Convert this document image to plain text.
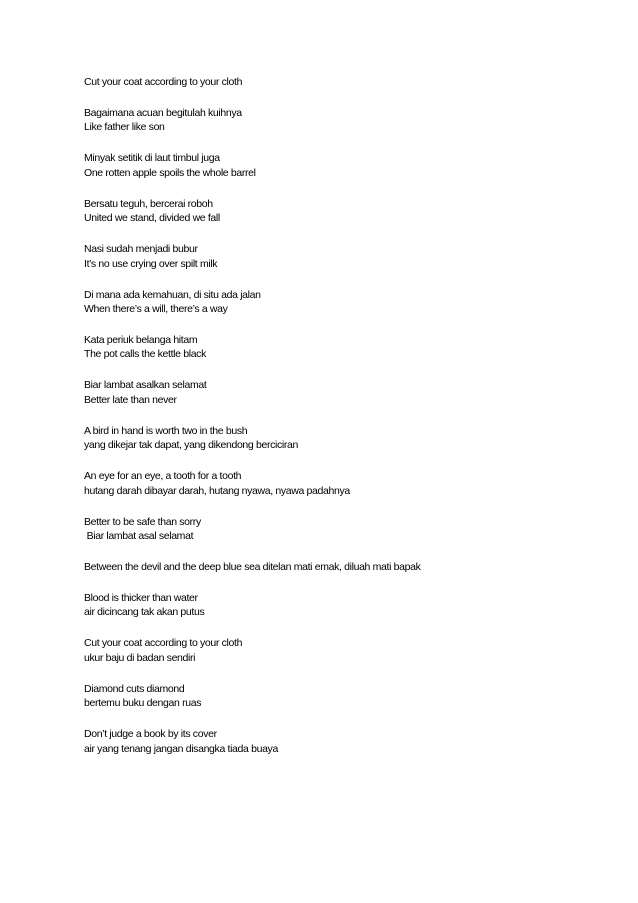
Cut your coat according to your cloth

Bagaimana acuan begitulah kuihnya

Like father like son

Minyak setitik di laut timbul juga

One rotten apple spoils the whole barrel

Bersatu teguh, bercerai roboh

United we stand, divided we fall

Nasi sudah menjadi bubur

It’s no use crying over spilt milk

Di mana ada kemahuan, di situ ada jalan

When there’s a will, there’s a way

Kata periuk belanga hitam

The pot calls the kettle black

Biar lambat asalkan selamat

Better late than never

A bird in hand is worth two in the bush

yang dikejar tak dapat, yang dikendong berciciran

An eye for an eye, a tooth for a tooth

hutang darah dibayar darah, hutang nyawa, nyawa padahnya

Better to be safe than sorry

Biar lambat asal selamat

Between the devil and the deep blue sea ditelan mati emak, diluah mati bapak

Blood is thicker than water

air dicincang tak akan putus

Cut your coat according to your cloth

ukur baju di badan sendiri

Diamond cuts diamond

bertemu buku dengan ruas

Don’t judge a book by its cover

air yang tenang jangan disangka tiada buaya
